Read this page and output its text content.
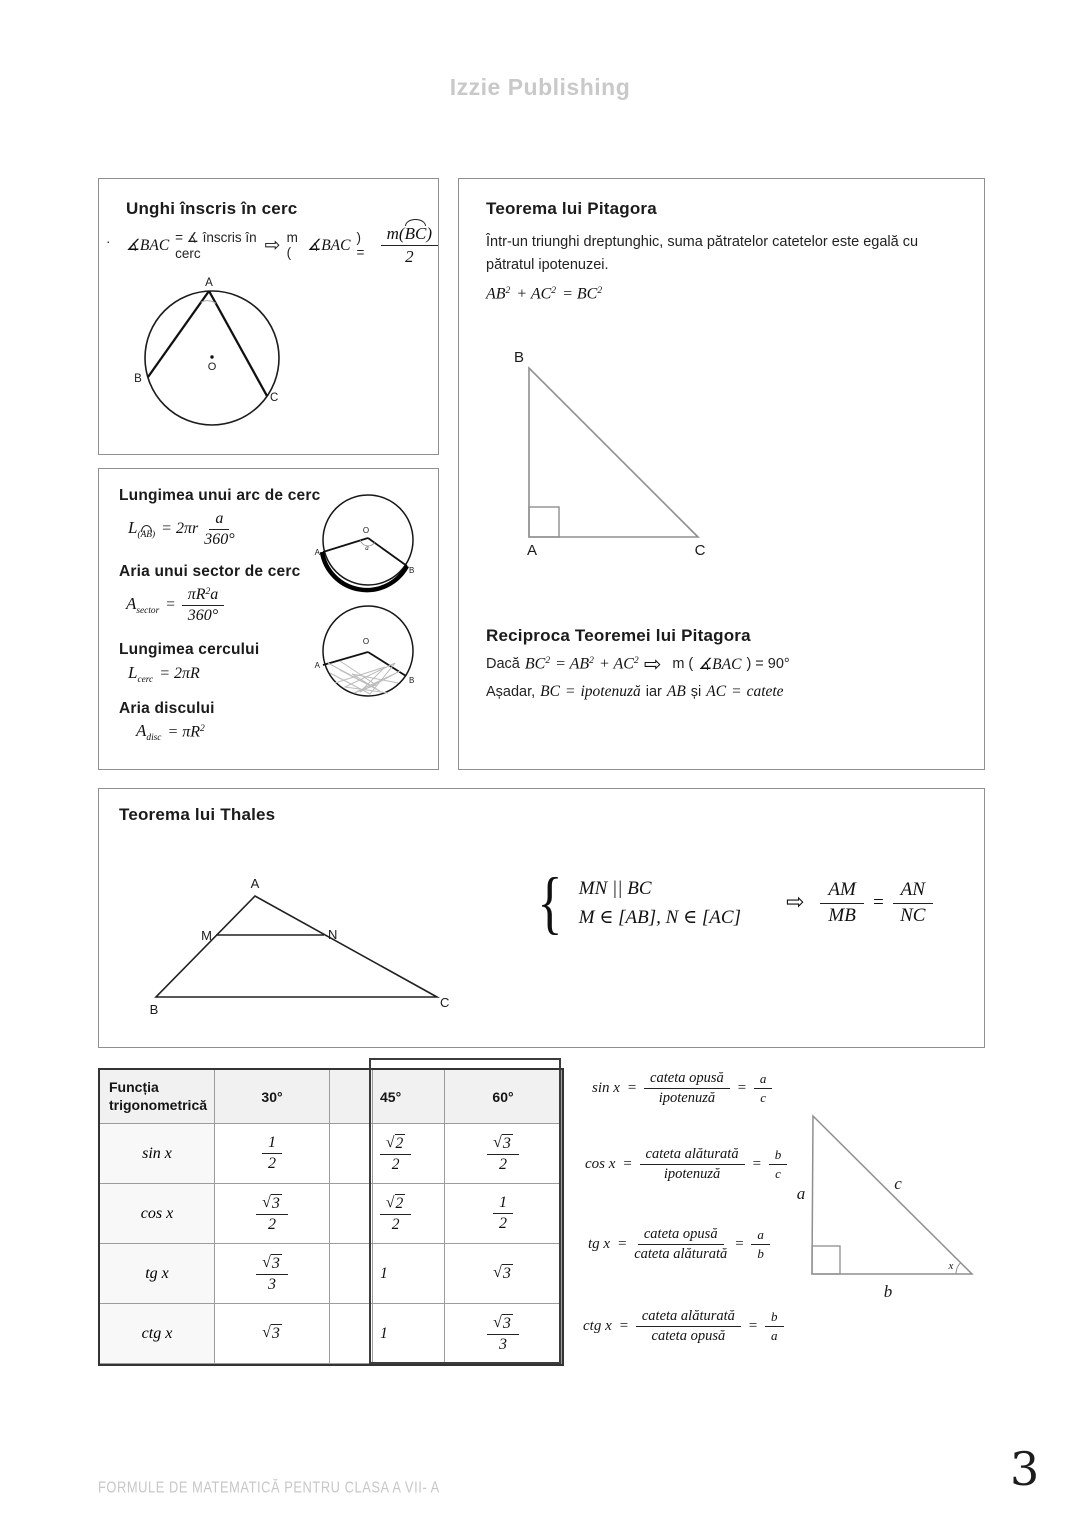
Izzie Publishing
Unghi înscris în cerc
· ∡BAC = ∡ înscris în cerc	⇨ m (	∡BAC ) = $\frac{m( BC )}{2}$
A
B
C
O
Lungimea unui arc de cerc
$L_{(AB)} = 2\pi r \frac{a}{360^\circ}$
Aria unui sector de cerc
$A_{sector} = \frac{\pi R 2 a}{360^\circ}$
Lungimea cercului
$L_{cerc} = 2\pi R$
Aria discului
$A_{disc} = \pi R^2$
O
A
B
a
O
A
B
Teorema lui Pitagora
Într-un triunghi dreptunghic, suma pătratelor catetelor este egală cu pătratul ipotenuzei.
$AB^2 + AC^2 = BC^2$
Reciproca Teoremei lui Pitagora
Dacă $BC^2 = AB^2 + AC^2$ ⇨ m ( ∡BAC ) = 90°
Așadar, BC = ipotenuză iar AB și AC = catete
B
A	C
Teorema lui Thales
A
M	N
B	C
{ MN || BC
M ∈ [AB], N ∈ [AC]
⇨ $\frac{AM}{MB} = \frac{AN}{NC}$
Funcția trigonometrică	30°	45°	60°
sin x	$\frac{1}{2}$	$\frac{√ 2}{2}$	$\frac{√ 3}{2}$
cos x	$\frac{√ 3}{2}$	$\frac{√ 2}{2}$	$\frac{1}{2}$
tg x	$\frac{√ 3}{3}$	1	√ 3
ctg x	√ 3	1	$\frac{√ 3}{3}$
$\sin x = \frac{\text{cateta opusă}}{\text{ipotenuză}} = \frac{a}{c}$
$\cos x = \frac{\text{cateta alăturată}}{\text{ipotenuză}} = \frac{b}{c}$
tg $x = \frac{\text{cateta opusă}}{\text{cateta alăturată}} = \frac{a}{b}$
ctg $x = \frac{\text{cateta alăturată}}{\text{cateta opusă}} = \frac{b}{a}$
a
c
b
x
FORMULE DE MATEMATICĂ PENTRU CLASA A VII- A	3
